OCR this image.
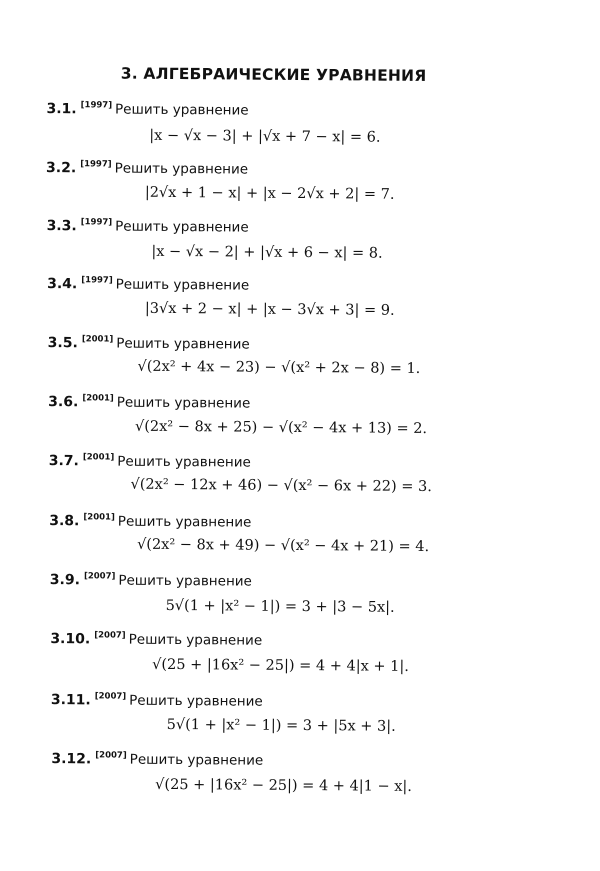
3. АЛГЕБРАИЧЕСКИЕ УРАВНЕНИЯ
3.1. [1997] Решить уравнение
|x − √x − 3| + |√x + 7 − x| = 6.
3.2. [1997] Решить уравнение
|2√x + 1 − x| + |x − 2√x + 2| = 7.
3.3. [1997] Решить уравнение
|x − √x − 2| + |√x + 6 − x| = 8.
3.4. [1997] Решить уравнение
|3√x + 2 − x| + |x − 3√x + 3| = 9.
3.5. [2001] Решить уравнение
√(2x² + 4x − 23) − √(x² + 2x − 8) = 1.
3.6. [2001] Решить уравнение
√(2x² − 8x + 25) − √(x² − 4x + 13) = 2.
3.7. [2001] Решить уравнение
√(2x² − 12x + 46) − √(x² − 6x + 22) = 3.
3.8. [2001] Решить уравнение
√(2x² − 8x + 49) − √(x² − 4x + 21) = 4.
3.9. [2007] Решить уравнение
5√(1 + |x² − 1|) = 3 + |3 − 5x|.
3.10. [2007] Решить уравнение
√(25 + |16x² − 25|) = 4 + 4|x + 1|.
3.11. [2007] Решить уравнение
5√(1 + |x² − 1|) = 3 + |5x + 3|.
3.12. [2007] Решить уравнение
√(25 + |16x² − 25|) = 4 + 4|1 − x|.
